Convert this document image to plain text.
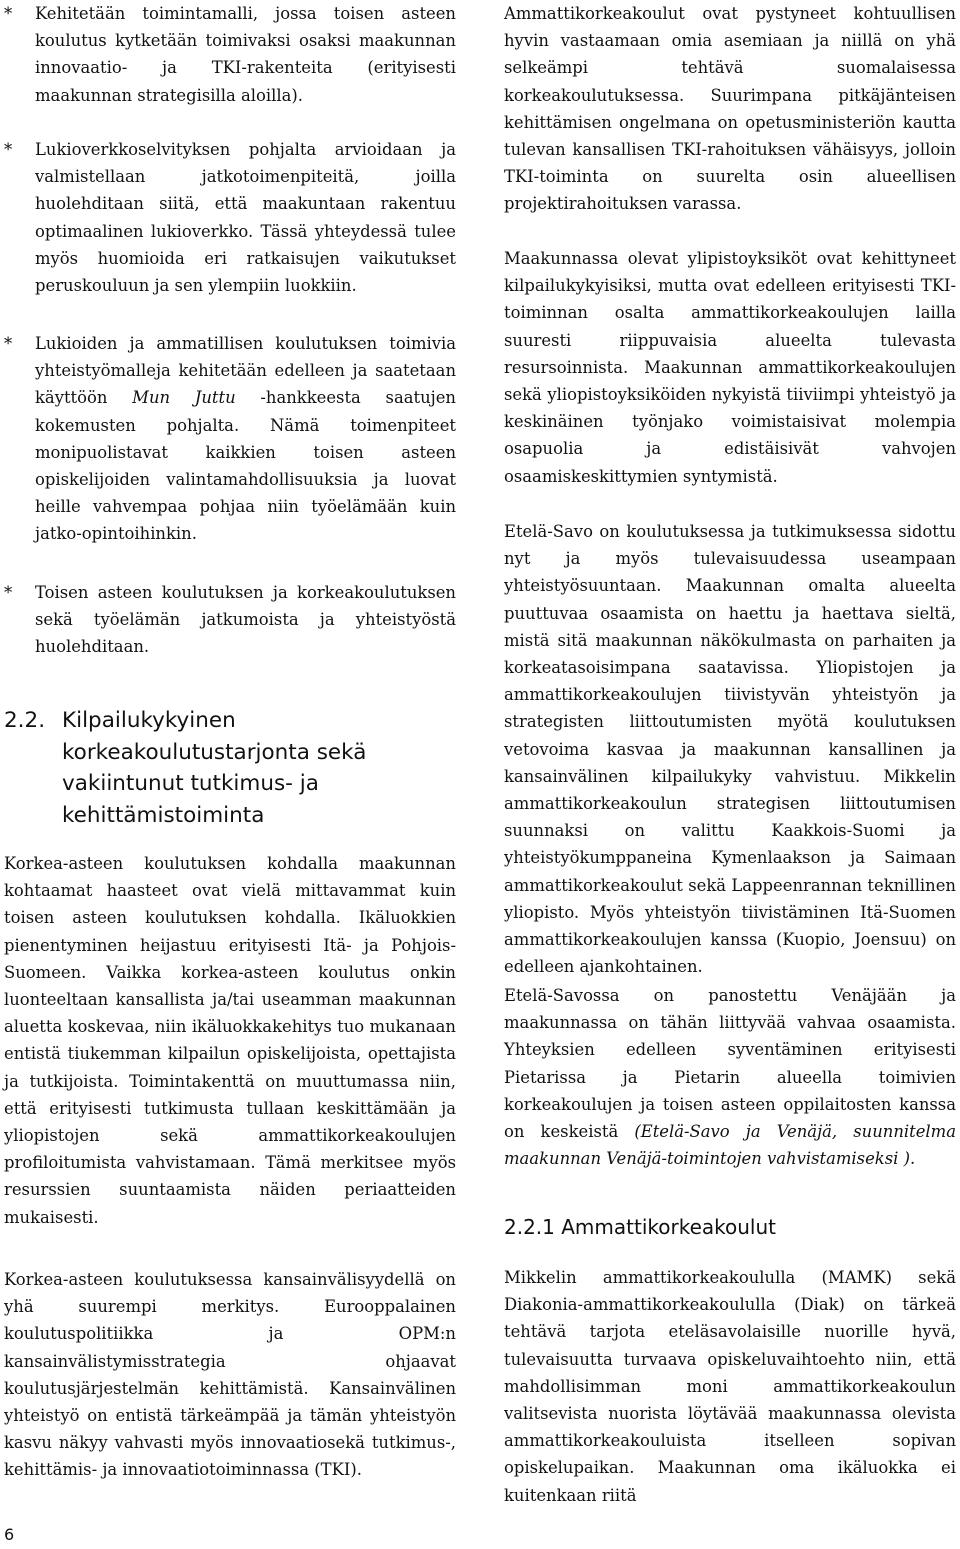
* Kehitetään toimintamalli, jossa toisen asteen koulutus kytketään toimivaksi osaksi maakunnan innovaatio- ja TKI-rakenteita (erityisesti maakunnan strategisilla aloilla).

* Lukioverkkoselvityksen pohjalta arvioidaan ja valmistellaan jatkotoimenpiteitä, joilla huolehditaan siitä, että maakuntaan rakentuu optimaalinen lukioverkko. Tässä yhteydessä tulee myös huomioida eri ratkaisujen vaikutukset peruskouluun ja sen ylempiin luokkiin.

* Lukioiden ja ammatillisen koulutuksen toimivia yhteistyömalleja kehitetään edelleen ja saatetaan käyttöön Mun Juttu -hankkeesta saatujen kokemusten pohjalta. Nämä toimenpiteet monipuolistavat kaikkien toisen asteen opiskelijoiden valintamahdollisuuksia ja luovat heille vahvempaa pohjaa niin työelämään kuin jatko-opintoihinkin.

* Toisen asteen koulutuksen ja korkeakoulutuksen sekä työelämän jatkumoista ja yhteistyöstä huolehditaan.

2.2. Kilpailukykyinen korkeakoulutustarjonta sekä vakiintunut tutkimus- ja kehittämistoiminta

Korkea-asteen koulutuksen kohdalla maakunnan kohtaamat haasteet ovat vielä mittavammat kuin toisen asteen koulutuksen kohdalla. Ikäluokkien pienentyminen heijastuu erityisesti Itä- ja Pohjois-Suomeen. Vaikka korkea-asteen koulutus onkin luonteeltaan kansallista ja/tai useamman maakunnan aluetta koskevaa, niin ikäluokkakehitys tuo mukanaan entistä tiukemman kilpailun opiskelijoista, opettajista ja tutkijoista. Toimintakenttä on muuttumassa niin, että erityisesti tutkimusta tullaan keskittämään ja yliopistojen sekä ammattikorkeakoulujen profiloitumista vahvistamaan. Tämä merkitsee myös resurssien suuntaamista näiden periaatteiden mukaisesti.

Korkea-asteen koulutuksessa kansainvälisyydellä on yhä suurempi merkitys. Eurooppalainen koulutuspolitiikka ja OPM:n kansainvälistymisstrategia ohjaavat koulutusjärjestelmän kehittämistä. Kansainvälinen yhteistyö on entistä tärkeämpää ja tämän yhteistyön kasvu näkyy vahvasti myös innovaatiosekä tutkimus-, kehittämis- ja innovaatiotoiminnassa (TKI).

Ammattikorkeakoulut ovat pystyneet kohtuullisen hyvin vastaamaan omia asemiaan ja niillä on yhä selkeämpi tehtävä suomalaisessa korkeakoulutuksessa. Suurimpana pitkäjänteisen kehittämisen ongelmana on opetusministeriön kautta tulevan kansallisen TKI-rahoituksen vähäisyys, jolloin TKI-toiminta on suurelta osin alueellisen projektirahoituksen varassa.

Maakunnassa olevat ylipistoyksiköt ovat kehittyneet kilpailukykyisiksi, mutta ovat edelleen erityisesti TKI-toiminnan osalta ammattikorkeakoulujen lailla suuresti riippuvaisia alueelta tulevasta resursoinnista. Maakunnan ammattikorkeakoulujen sekä yliopistoyksiköiden nykyistä tiiviimpi yhteistyö ja keskinäinen työnjako voimistaisivat molempia osapuolia ja edistäisivät vahvojen osaamiskeskittymien syntymistä.

Etelä-Savo on koulutuksessa ja tutkimuksessa sidottu nyt ja myös tulevaisuudessa useampaan yhteistyösuuntaan. Maakunnan omalta alueelta puuttuvaa osaamista on haettu ja haettava sieltä, mistä sitä maakunnan näkökulmasta on parhaiten ja korkeatasoisimpana saatavissa. Yliopistojen ja ammattikorkeakoulujen tiivistyvän yhteistyön ja strategisten liittoutumisten myötä koulutuksen vetovoima kasvaa ja maakunnan kansallinen ja kansainvälinen kilpailukyky vahvistuu. Mikkelin ammattikorkeakoulun strategisen liittoutumisen suunnaksi on valittu Kaakkois-Suomi ja yhteistyökumppaneina Kymenlaakson ja Saimaan ammattikorkeakoulut sekä Lappeenrannan teknillinen yliopisto. Myös yhteistyön tiivistäminen Itä-Suomen ammattikorkeakoulujen kanssa (Kuopio, Joensuu) on edelleen ajankohtainen.

Etelä-Savossa on panostettu Venäjään ja maakunnassa on tähän liittyvää vahvaa osaamista. Yhteyksien edelleen syventäminen erityisesti Pietarissa ja Pietarin alueella toimivien korkeakoulujen ja toisen asteen oppilaitosten kanssa on keskeistä (Etelä-Savo ja Venäjä, suunnitelma maakunnan Venäjä-toimintojen vahvistamiseksi ).

2.2.1 Ammattikorkeakoulut

Mikkelin ammattikorkeakoululla (MAMK) sekä Diakonia-ammattikorkeakoululla (Diak) on tärkeä tehtävä tarjota eteläsavolaisille nuorille hyvä, tulevaisuutta turvaava opiskeluvaihtoehto niin, että mahdollisimman moni ammattikorkeakoulun valitsevista nuorista löytävää maakunnassa olevista ammattikorkeakouluista itselleen sopivan opiskelupaikan. Maakunnan oma ikäluokka ei kuitenkaan riitä

6
